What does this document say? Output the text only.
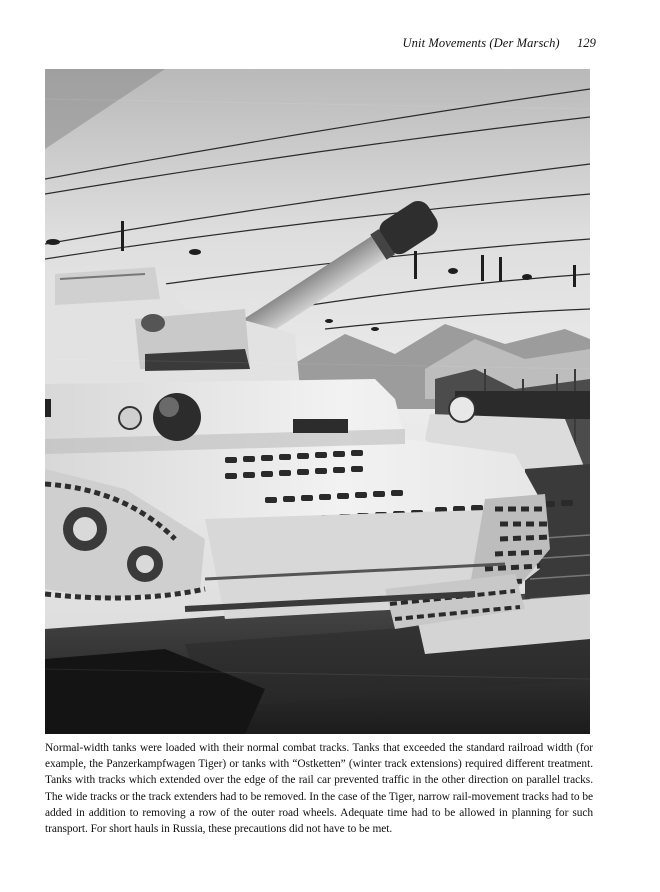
Unit Movements (Der Marsch) 129

Normal-width tanks were loaded with their normal combat tracks. Tanks that exceeded the standard railroad width (for example, the Panzerkampfwagen Tiger) or tanks with “Ostketten” (winter track extensions) required different treatment. Tanks with tracks which extended over the edge of the rail car prevented traffic in the other direction on parallel tracks. The wide tracks or the track extenders had to be removed. In the case of the Tiger, narrow rail-movement tracks had to be added in addition to removing a row of the outer road wheels. Adequate time had to be allowed in planning for such transport. For short hauls in Russia, these precautions did not have to be met.
